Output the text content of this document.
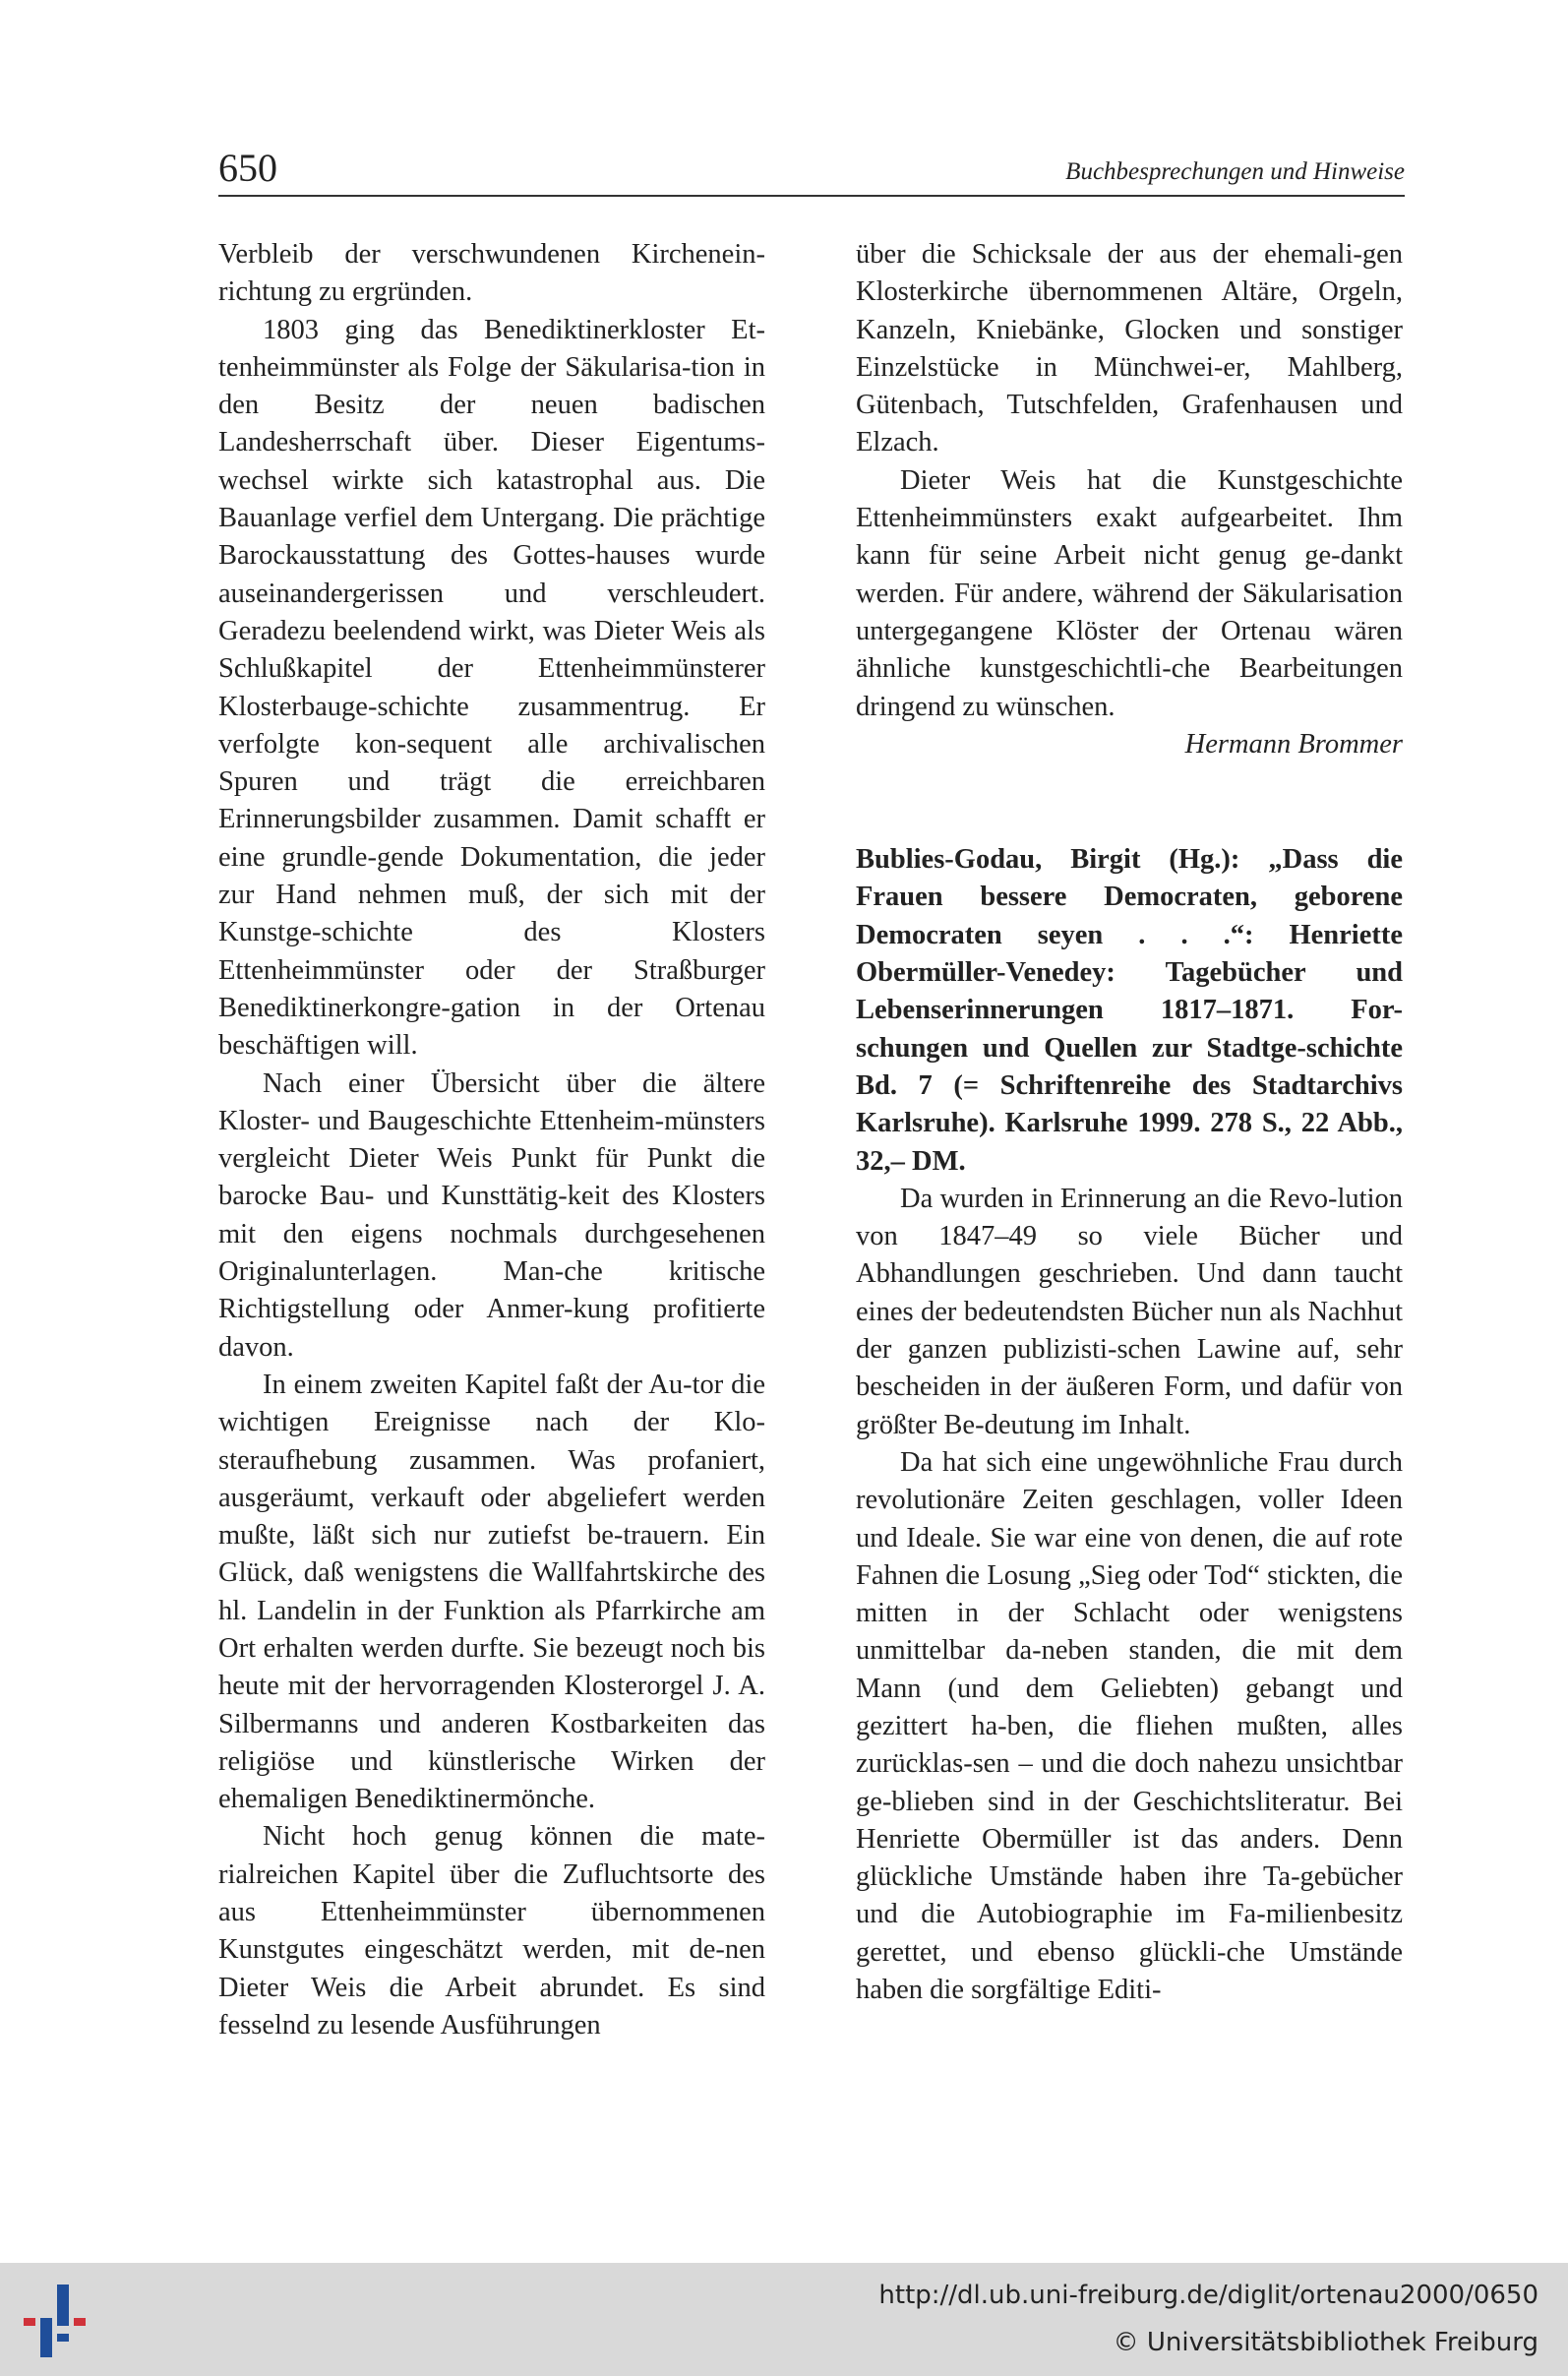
650	Buchbesprechungen und Hinweise

Verbleib der verschwundenen Kirchenein-richtung zu ergründen.

1803 ging das Benediktinerkloster Et-tenheimmünster als Folge der Säkularisa-tion in den Besitz der neuen badischen Landesherrschaft über. Dieser Eigentums-wechsel wirkte sich katastrophal aus. Die Bauanlage verfiel dem Untergang. Die prächtige Barockausstattung des Gottes-hauses wurde auseinandergerissen und verschleudert. Geradezu beelendend wirkt, was Dieter Weis als Schlußkapitel der Ettenheimmünsterer Klosterbauge-schichte zusammentrug. Er verfolgte kon-sequent alle archivalischen Spuren und trägt die erreichbaren Erinnerungsbilder zusammen. Damit schafft er eine grundle-gende Dokumentation, die jeder zur Hand nehmen muß, der sich mit der Kunstge-schichte des Klosters Ettenheimmünster oder der Straßburger Benediktinerkongre-gation in der Ortenau beschäftigen will.

Nach einer Übersicht über die ältere Kloster- und Baugeschichte Ettenheim-münsters vergleicht Dieter Weis Punkt für Punkt die barocke Bau- und Kunsttätig-keit des Klosters mit den eigens nochmals durchgesehenen Originalunterlagen. Man-che kritische Richtigstellung oder Anmer-kung profitierte davon.

In einem zweiten Kapitel faßt der Au-tor die wichtigen Ereignisse nach der Klo-steraufhebung zusammen. Was profaniert, ausgeräumt, verkauft oder abgeliefert werden mußte, läßt sich nur zutiefst be-trauern. Ein Glück, daß wenigstens die Wallfahrtskirche des hl. Landelin in der Funktion als Pfarrkirche am Ort erhalten werden durfte. Sie bezeugt noch bis heute mit der hervorragenden Klosterorgel J. A. Silbermanns und anderen Kostbarkeiten das religiöse und künstlerische Wirken der ehemaligen Benediktinermönche.

Nicht hoch genug können die mate-rialreichen Kapitel über die Zufluchtsorte des aus Ettenheimmünster übernommenen Kunstgutes eingeschätzt werden, mit de-nen Dieter Weis die Arbeit abrundet. Es sind fesselnd zu lesende Ausführungen

über die Schicksale der aus der ehemali-gen Klosterkirche übernommenen Altäre, Orgeln, Kanzeln, Kniebänke, Glocken und sonstiger Einzelstücke in Münchwei-er, Mahlberg, Gütenbach, Tutschfelden, Grafenhausen und Elzach.

Dieter Weis hat die Kunstgeschichte Ettenheimmünsters exakt aufgearbeitet. Ihm kann für seine Arbeit nicht genug ge-dankt werden. Für andere, während der Säkularisation untergegangene Klöster der Ortenau wären ähnliche kunstgeschichtli-che Bearbeitungen dringend zu wünschen.

Hermann Brommer

Bublies-Godau, Birgit (Hg.): „Dass die Frauen bessere Democraten, geborene Democraten seyen . . .“: Henriette Obermüller-Venedey: Tagebücher und Lebenserinnerungen 1817–1871. For-schungen und Quellen zur Stadtge-schichte Bd. 7 (= Schriftenreihe des Stadtarchivs Karlsruhe). Karlsruhe 1999. 278 S., 22 Abb., 32,– DM.

Da wurden in Erinnerung an die Revo-lution von 1847–49 so viele Bücher und Abhandlungen geschrieben. Und dann taucht eines der bedeutendsten Bücher nun als Nachhut der ganzen publizisti-schen Lawine auf, sehr bescheiden in der äußeren Form, und dafür von größter Be-deutung im Inhalt.

Da hat sich eine ungewöhnliche Frau durch revolutionäre Zeiten geschlagen, voller Ideen und Ideale. Sie war eine von denen, die auf rote Fahnen die Losung „Sieg oder Tod“ stickten, die mitten in der Schlacht oder wenigstens unmittelbar da-neben standen, die mit dem Mann (und dem Geliebten) gebangt und gezittert ha-ben, die fliehen mußten, alles zurücklas-sen – und die doch nahezu unsichtbar ge-blieben sind in der Geschichtsliteratur. Bei Henriette Obermüller ist das anders. Denn glückliche Umstände haben ihre Ta-gebücher und die Autobiographie im Fa-milienbesitz gerettet, und ebenso glückli-che Umstände haben die sorgfältige Editi-

http://dl.ub.uni-freiburg.de/diglit/ortenau2000/0650
© Universitätsbibliothek Freiburg
